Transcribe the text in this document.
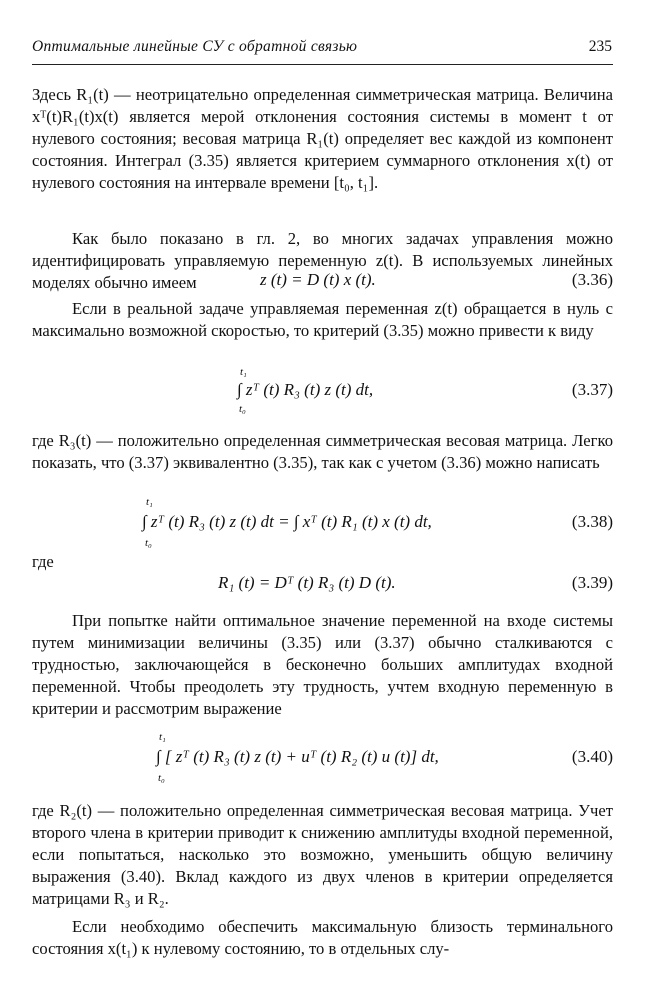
Оптимальные линейные СУ с обратной связью	235

Здесь R₁(t) — неотрицательно определенная симметрическая матрица. Величина xᵀ(t)R₁(t)x(t) является мерой отклонения состояния системы в момент t от нулевого состояния; весовая матрица R₁(t) определяет вес каждой из компонент состояния. Интеграл (3.35) является критерием суммарного отклонения x(t) от нулевого состояния на интервале времени [t₀, t₁].

Как было показано в гл. 2, во многих задачах управления можно идентифицировать управляемую переменную z(t). В используемых линейных моделях обычно имеем	z (t) = D (t) x (t).	(3.36)

Если в реальной задаче управляемая переменная z(t) обращается в нуль с максимально возможной скоростью, то критерий (3.35) можно привести к виду

t₁
t₀
∫ zᵀ (t) R₃ (t) z (t) dt,	(3.37)

где R₃(t) — положительно определенная симметрическая весовая матрица. Легко показать, что (3.37) эквивалентно (3.35), так как с учетом (3.36) можно написать

t₁
t₀
∫ zᵀ (t) R₃ (t) z (t) dt = ∫ xᵀ (t) R₁ (t) x (t) dt,	(3.38)
где
R₁ (t) = Dᵀ (t) R₃ (t) D (t).	(3.39)

При попытке найти оптимальное значение переменной на входе системы путем минимизации величины (3.35) или (3.37) обычно сталкиваются с трудностью, заключающейся в бесконечно больших амплитудах входной переменной. Чтобы преодолеть эту трудность, учтем входную переменную в критерии и рассмотрим выражение

t₁
t₀
∫ [ zᵀ (t) R₃ (t) z (t) + uᵀ (t) R₂ (t) u (t)] dt,	(3.40)

где R₂(t) — положительно определенная симметрическая весовая матрица. Учет второго члена в критерии приводит к снижению амплитуды входной переменной, если попытаться, насколько это возможно, уменьшить общую величину выражения (3.40). Вклад каждого из двух членов в критерии определяется матрицами R₃ и R₂.

Если необходимо обеспечить максимальную близость терминального состояния x(t₁) к нулевому состоянию, то в отдельных слу-
